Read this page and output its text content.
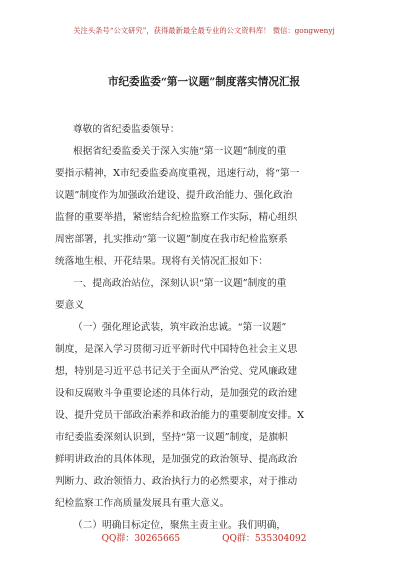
关注头条号“公文研究”，获得最新最全最专业的公文资料库！ 微信：gongwenyj
市纪委监委“第一议题”制度落实情况汇报
尊敬的省纪委监委领导：
根据省纪委监委关于深入实施“第一议题”制度的重
要指示精神，X市纪委监委高度重视，迅速行动，将“第一
议题”制度作为加强政治建设、提升政治能力、强化政治
监督的重要举措，紧密结合纪检监察工作实际，精心组织
周密部署，扎实推动“第一议题”制度在我市纪检监察系
统落地生根、开花结果。现将有关情况汇报如下：
一、提高政治站位，深刻认识“第一议题”制度的重
要意义
（一）强化理论武装，筑牢政治忠诚。“第一议题”
制度，是深入学习贯彻习近平新时代中国特色社会主义思
想，特别是习近平总书记关于全面从严治党、党风廉政建
设和反腐败斗争重要论述的具体行动，是加强党的政治建
设、提升党员干部政治素养和政治能力的重要制度安排。X
市纪委监委深刻认识到，坚持“第一议题”制度，是旗帜
鲜明讲政治的具体体现，是加强党的政治领导、提高政治
判断力、政治领悟力、政治执行力的必然要求，对于推动
纪检监察工作高质量发展具有重大意义。
（二）明确目标定位，聚焦主责主业。我们明确，
QQ群：30265665	QQ群：535304092
